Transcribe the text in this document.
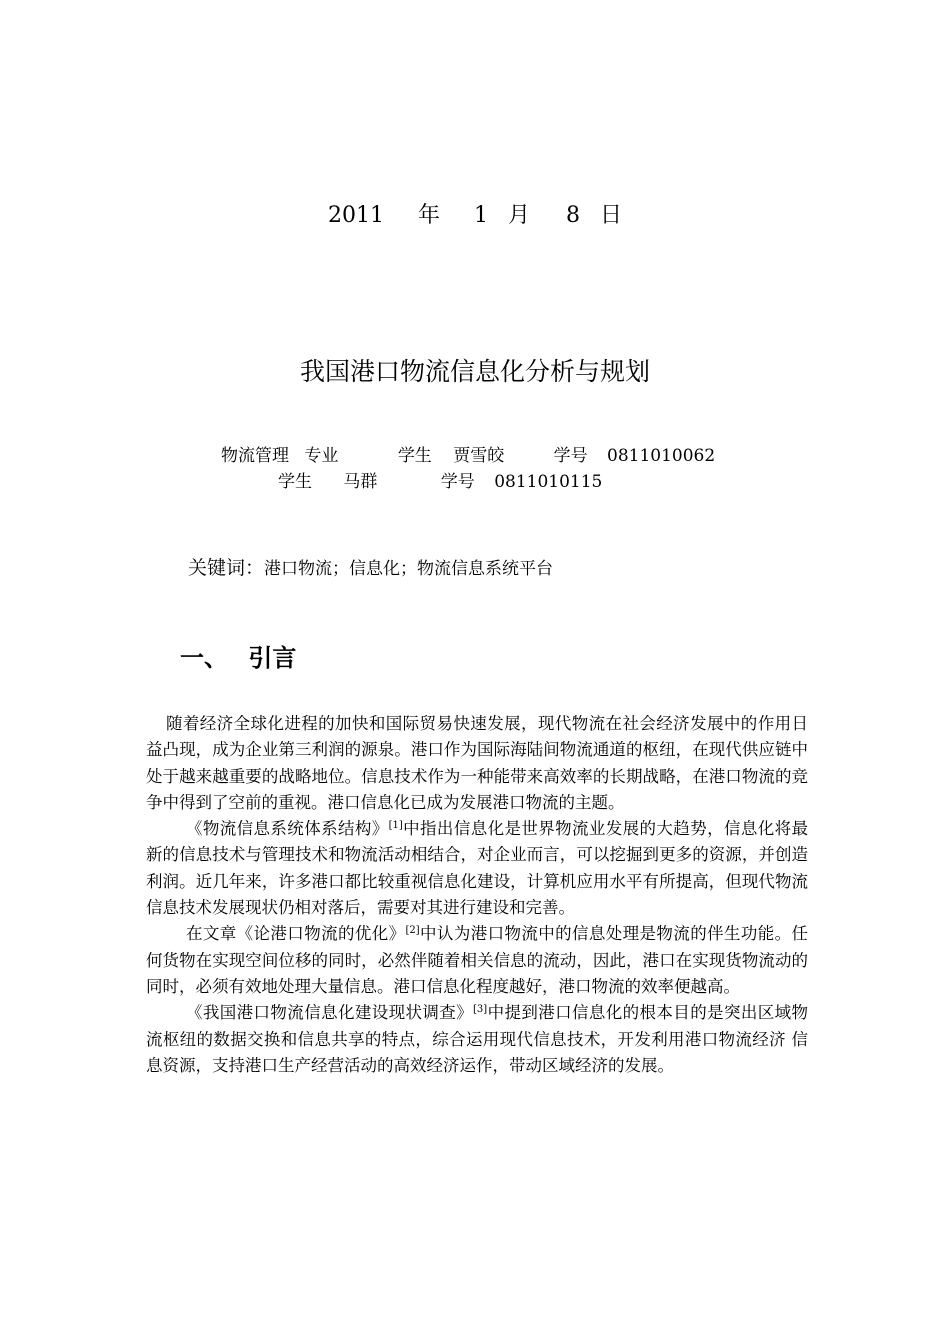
2011 年 1 月 8 日
我国港口物流信息化分析与规划
物流管理 专业	学生 贾雪皎	学号 0811010062
学生 马群	学号 0811010115
关键词：港口物流；信息化；物流信息系统平台
一、 引言

随着经济全球化进程的加快和国际贸易快速发展，现代物流在社会经济发展中的作用日益凸现，成为企业第三利润的源泉。港口作为国际海陆间物流通道的枢纽，在现代供应链中处于越来越重要的战略地位。信息技术作为一种能带来高效率的长期战略，在港口物流的竞争中得到了空前的重视。港口信息化已成为发展港口物流的主题。

《物流信息系统体系结构》[1]中指出信息化是世界物流业发展的大趋势，信息化将最新的信息技术与管理技术和物流活动相结合，对企业而言，可以挖掘到更多的资源，并创造利润。近几年来，许多港口都比较重视信息化建设，计算机应用水平有所提高，但现代物流信息技术发展现状仍相对落后，需要对其进行建设和完善。

在文章《论港口物流的优化》[2]中认为港口物流中的信息处理是物流的伴生功能。任何货物在实现空间位移的同时，必然伴随着相关信息的流动，因此，港口在实现货物流动的同时，必须有效地处理大量信息。港口信息化程度越好，港口物流的效率便越高。

《我国港口物流信息化建设现状调查》[3]中提到港口信息化的根本目的是突出区域物流枢纽的数据交换和信息共享的特点，综合运用现代信息技术，开发利用港口物流经济 信息资源，支持港口生产经营活动的高效经济运作，带动区域经济的发展。
